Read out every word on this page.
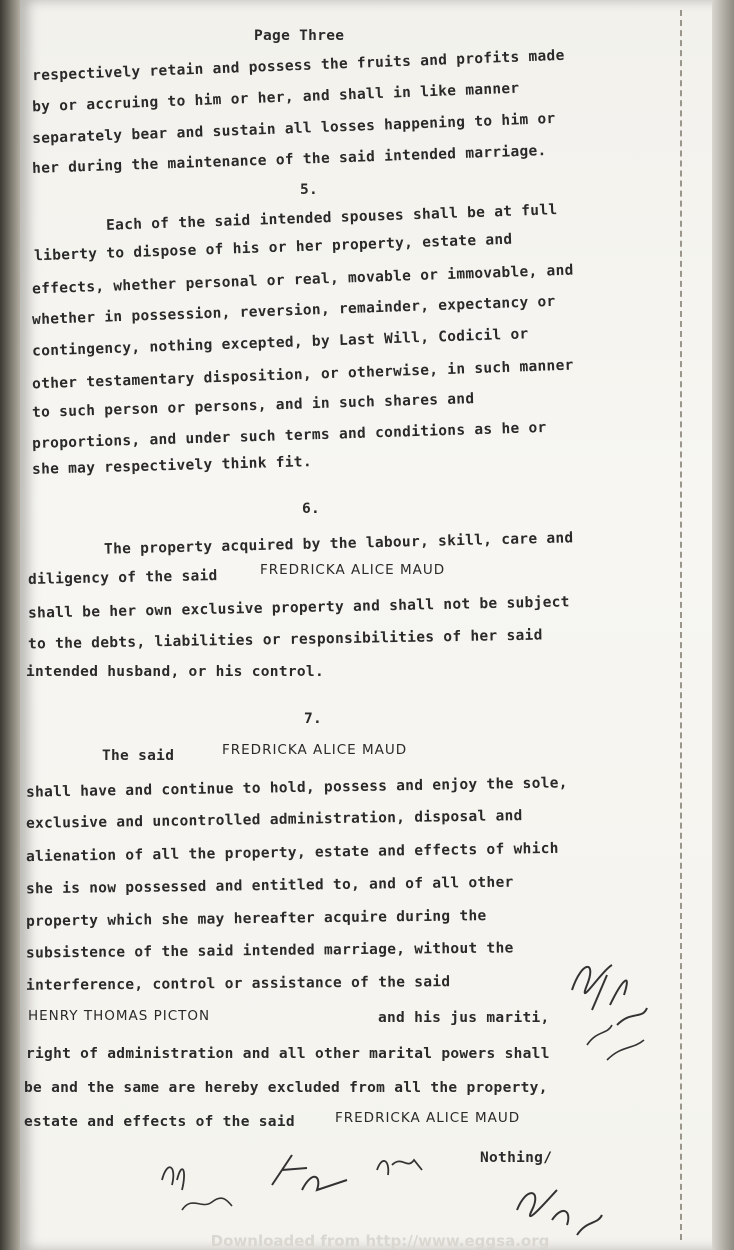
Page Three
respectively retain and possess the fruits and profits made
by or accruing to him or her, and shall in like manner
separately bear and sustain all losses happening to him or
her during the maintenance of the said intended marriage.
5.
Each of the said intended spouses shall be at full
liberty to dispose of his or her property, estate and
effects, whether personal or real, movable or immovable, and
whether in possession, reversion, remainder, expectancy or
contingency, nothing excepted, by Last Will, Codicil or
other testamentary disposition, or otherwise, in such manner
to such person or persons, and in such shares and
proportions, and under such terms and conditions as he or
she may respectively think fit.
6.
The property acquired by the labour, skill, care and
diligency of the said	FREDRICKA ALICE MAUD
shall be her own exclusive property and shall not be subject
to the debts, liabilities or responsibilities of her said
intended husband, or his control.
7.
The said	FREDRICKA ALICE MAUD
shall have and continue to hold, possess and enjoy the sole,
exclusive and uncontrolled administration, disposal and
alienation of all the property, estate and effects of which
she is now possessed and entitled to, and of all other
property which she may hereafter acquire during the
subsistence of the said intended marriage, without the
interference, control or assistance of the said
HENRY THOMAS PICTON	and his jus mariti,
right of administration and all other marital powers shall
be and the same are hereby excluded from all the property,
estate and effects of the said	FREDRICKA ALICE MAUD
Nothing/
Downloaded from http://www.eggsa.org
